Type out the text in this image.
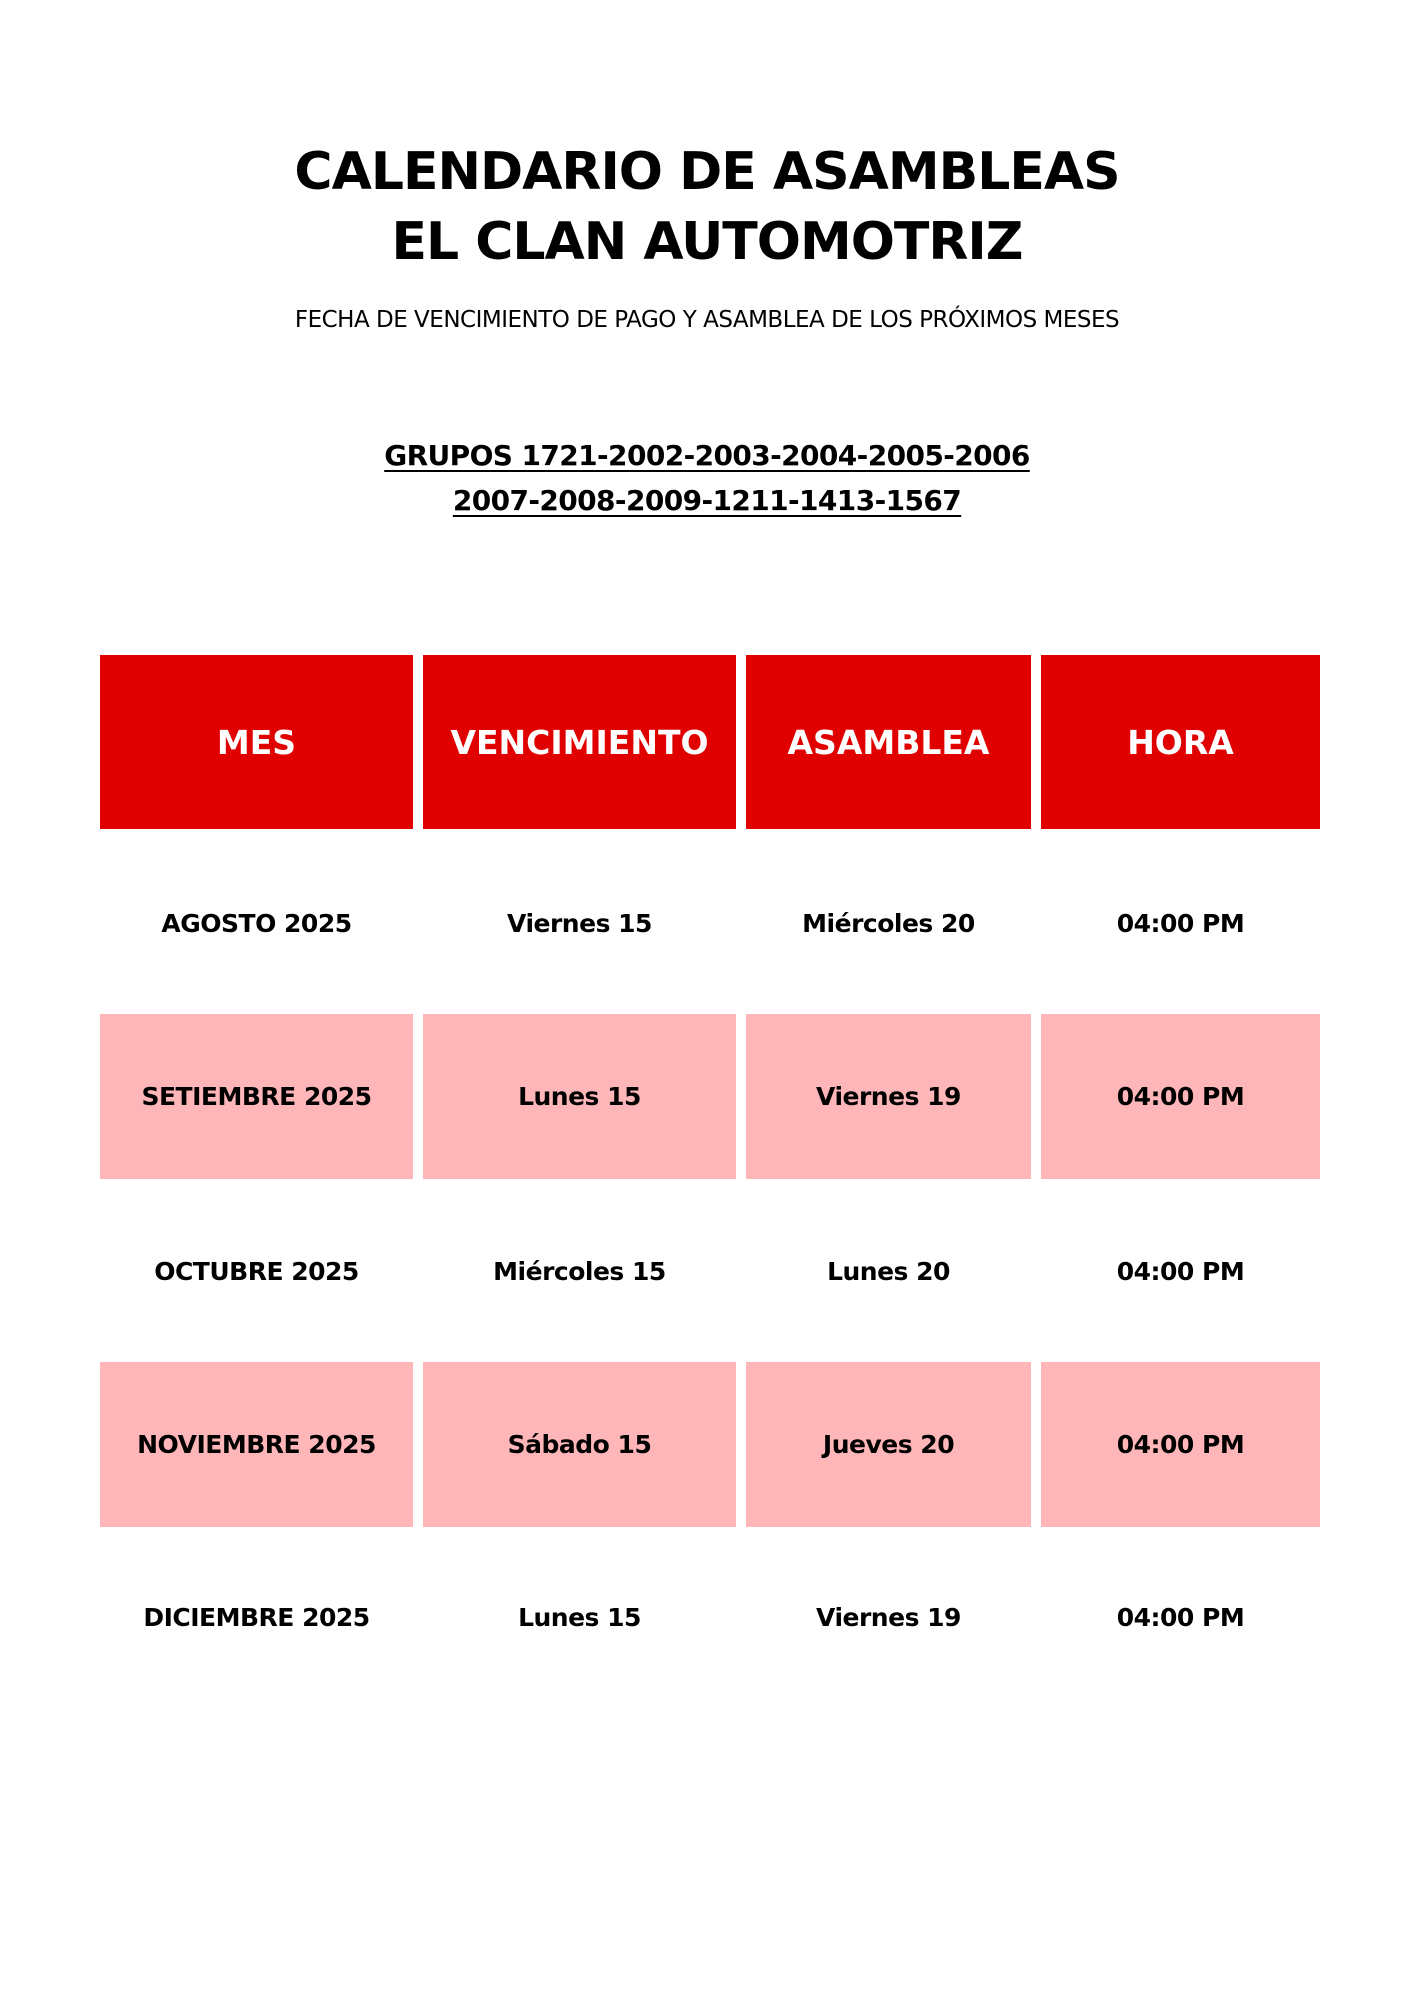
CALENDARIO DE ASAMBLEAS
EL CLAN AUTOMOTRIZ
FECHA DE VENCIMIENTO DE PAGO Y ASAMBLEA DE LOS PRÓXIMOS MESES
GRUPOS 1721-2002-2003-2004-2005-2006
2007-2008-2009-1211-1413-1567
MES	VENCIMIENTO	ASAMBLEA	HORA
AGOSTO 2025	Viernes 15	Miércoles 20	04:00 PM
SETIEMBRE 2025	Lunes 15	Viernes 19	04:00 PM
OCTUBRE 2025	Miércoles 15	Lunes 20	04:00 PM
NOVIEMBRE 2025	Sábado 15	Jueves 20	04:00 PM
DICIEMBRE 2025	Lunes 15	Viernes 19	04:00 PM
